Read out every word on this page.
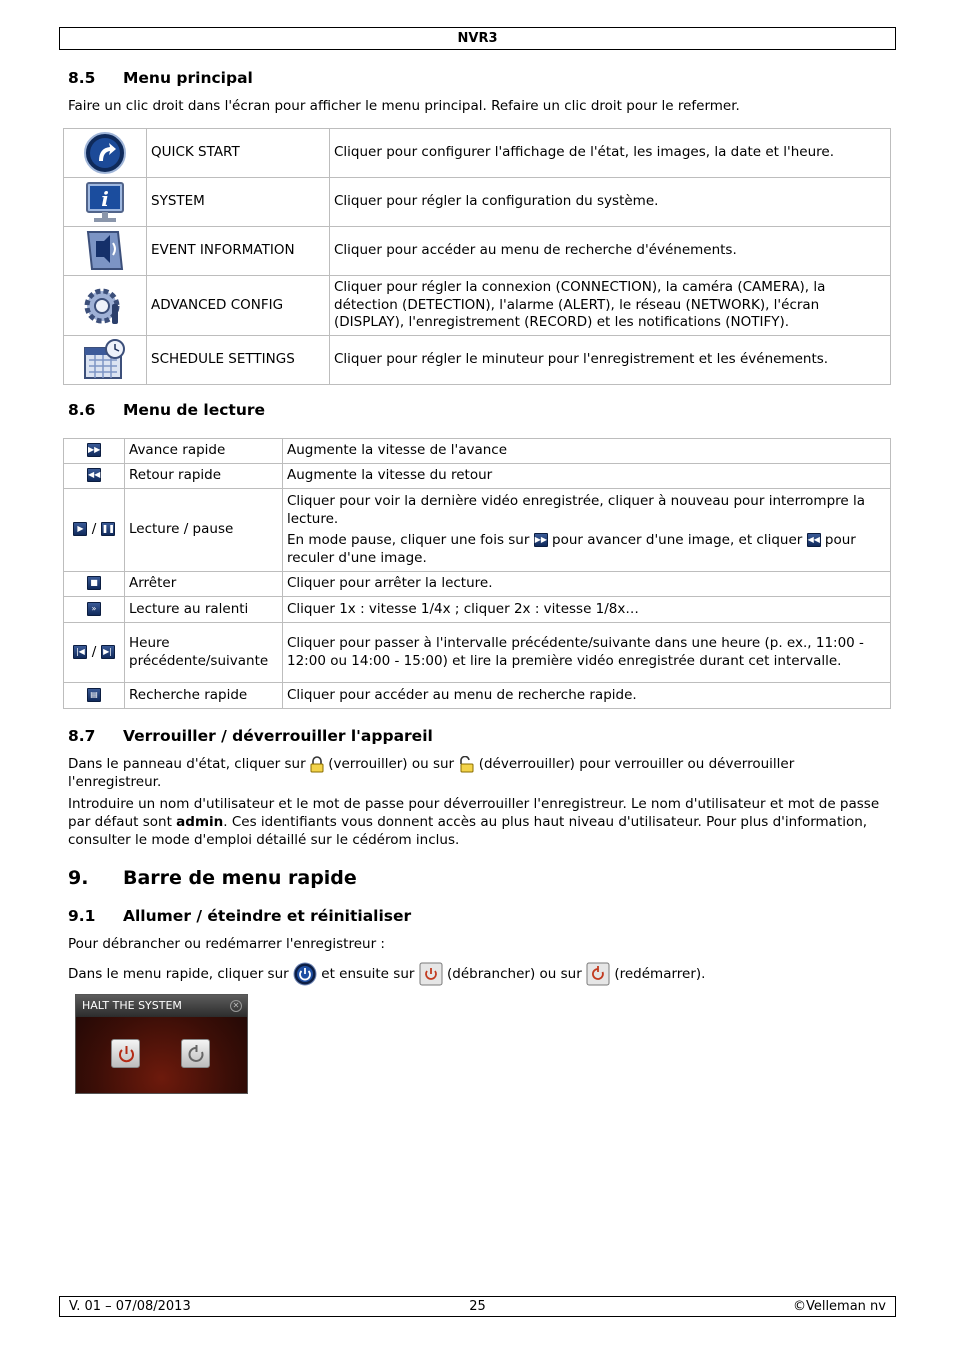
NVR3
8.5 Menu principal

Faire un clic droit dans l'écran pour afficher le menu principal. Refaire un clic droit pour le refermer.

	QUICK START	Cliquer pour configurer l'affichage de l'état, les images, la date et l'heure.

i	SYSTEM	Cliquer pour régler la configuration du système.
	EVENT INFORMATION	Cliquer pour accéder au menu de recherche d'événements.
	ADVANCED CONFIG	Cliquer pour régler la connexion (CONNECTION), la caméra (CAMERA), la détection (DETECTION), l'alarme (ALERT), le réseau (NETWORK), l'écran (DISPLAY), l'enregistrement (RECORD) et les notifications (NOTIFY).
	SCHEDULE SETTINGS	Cliquer pour régler le minuteur pour l'enregistrement et les événements.
8.6 Menu de lecture
▶▶	Avance rapide	Augmente la vitesse de l'avance
◀◀	Retour rapide	Augmente la vitesse du retour
▶ / ❚❚	Lecture / pause	Cliquer pour voir la dernière vidéo enregistrée, cliquer à nouveau pour interrompre la lecture.
En mode pause, cliquer une fois sur ▶▶ pour avancer d'une image, et cliquer ◀◀ pour reculer d'une image.

■	Arrêter	Cliquer pour arrêter la lecture.
»	Lecture au ralenti	Cliquer 1x : vitesse 1/4x ; cliquer 2x : vitesse 1/8x…
|◀ / ▶|	Heure précédente/suivante	Cliquer pour passer à l'intervalle précédente/suivante dans une heure (p. ex., 11:00 - 12:00 ou 14:00 - 15:00) et lire la première vidéo enregistrée durant cet intervalle.
▤	Recherche rapide	Cliquer pour accéder au menu de recherche rapide.
8.7 Verrouiller / déverrouiller l'appareil

Dans le panneau d'état, cliquer sur (verrouiller) ou sur (déverrouiller) pour verrouiller ou déverrouiller l'enregistreur.

Introduire un nom d'utilisateur et le mot de passe pour déverrouiller l'enregistreur. Le nom d'utilisateur et mot de passe par défaut sont admin. Ces identifiants vous donnent accès au plus haut niveau d'utilisateur. Pour plus d'information, consulter le mode d'emploi détaillé sur le cédérom inclus.

9. Barre de menu rapide
9.1 Allumer / éteindre et réinitialiser

Pour débrancher ou redémarrer l'enregistreur :

Dans le menu rapide, cliquer sur et ensuite sur (débrancher) ou sur (redémarrer).

HALT THE SYSTEM	✕
V. 01 – 07/08/2013	25	©Velleman nv
